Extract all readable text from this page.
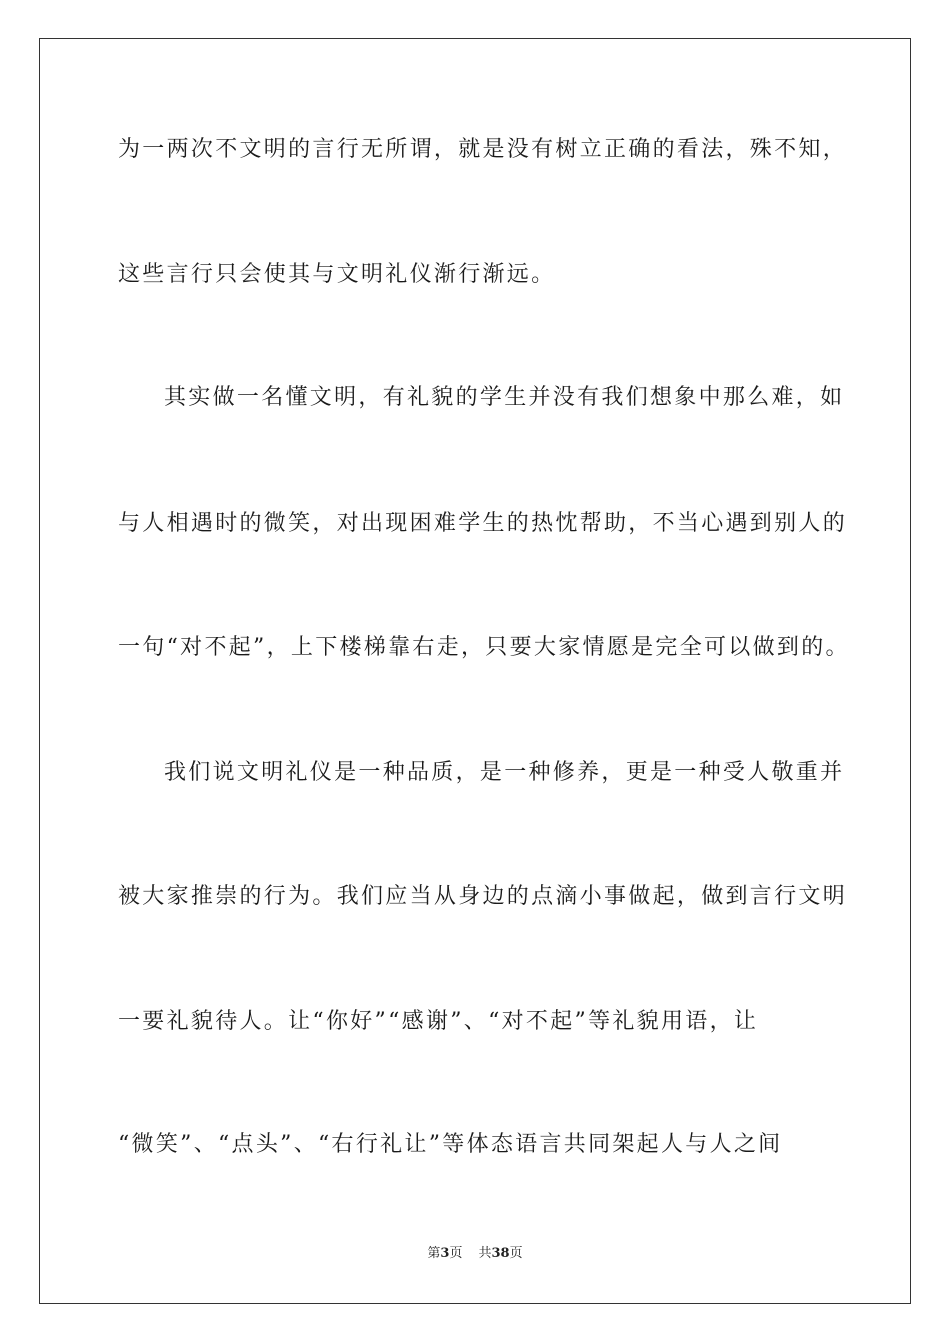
为一两次不文明的言行无所谓，就是没有树立正确的看法，殊不知，
这些言行只会使其与文明礼仪渐行渐远。
其实做一名懂文明，有礼貌的学生并没有我们想象中那么难，如
与人相遇时的微笑，对出现困难学生的热忱帮助，不当心遇到别人的
一句“对不起”，上下楼梯靠右走，只要大家情愿是完全可以做到的。
我们说文明礼仪是一种品质，是一种修养，更是一种受人敬重并
被大家推崇的行为。我们应当从身边的点滴小事做起，做到言行文明
一要礼貌待人。让“你好”“感谢”、“对不起”等礼貌用语，让
“微笑”、“点头”、“右行礼让”等体态语言共同架起人与人之间
第3页 共38页
